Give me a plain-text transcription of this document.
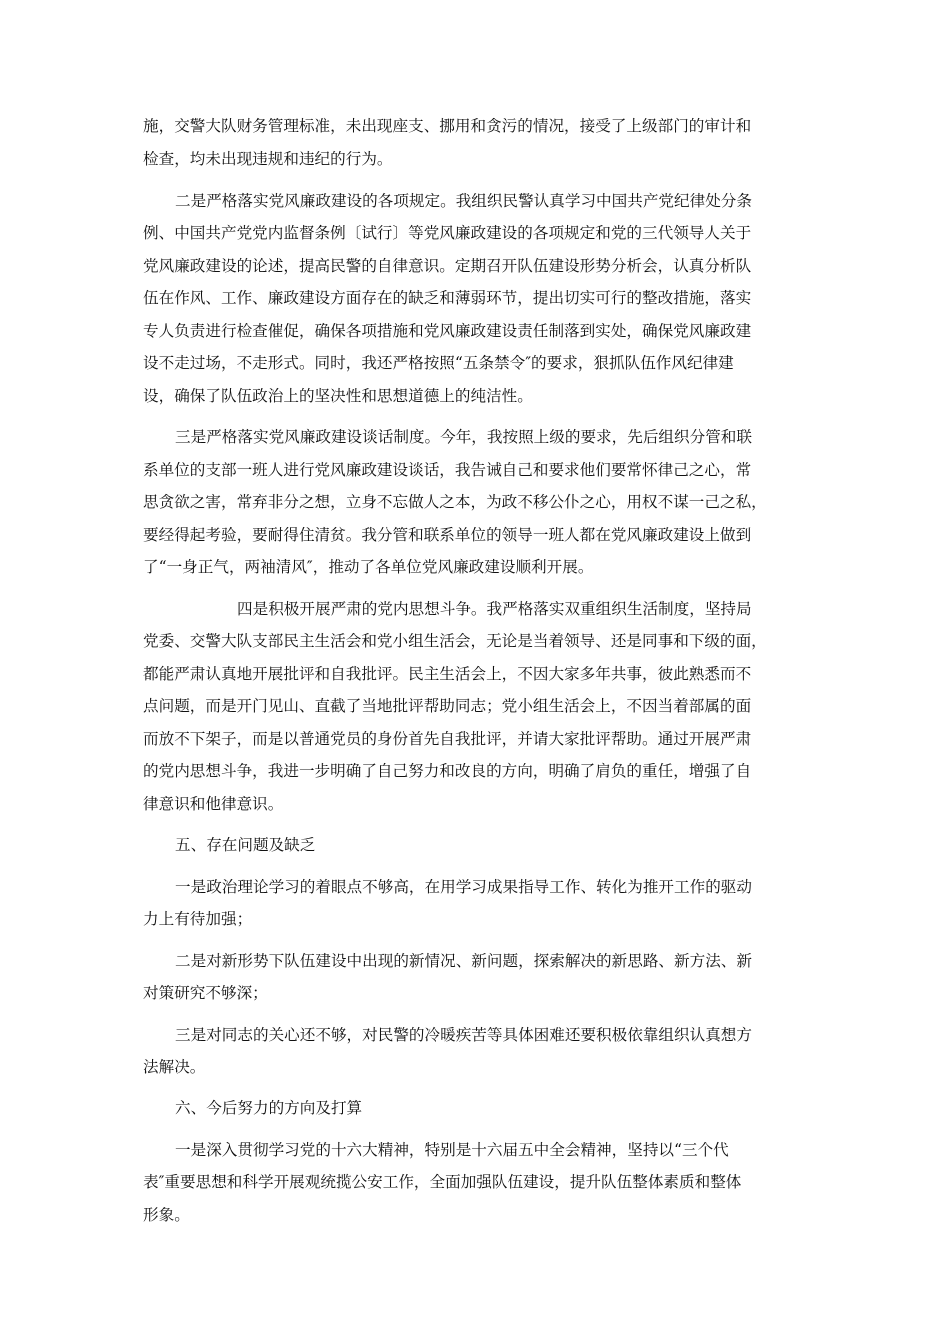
施，交警大队财务管理标准，未出现座支、挪用和贪污的情况，接受了上级部门的审计和

检查，均未出现违规和违纪的行为。

二是严格落实党风廉政建设的各项规定。我组织民警认真学习中国共产党纪律处分条

例、中国共产党党内监督条例〔试行〕等党风廉政建设的各项规定和党的三代领导人关于

党风廉政建设的论述，提高民警的自律意识。定期召开队伍建设形势分析会，认真分析队

伍在作风、工作、廉政建设方面存在的缺乏和薄弱环节，提出切实可行的整改措施，落实

专人负责进行检查催促，确保各项措施和党风廉政建设责任制落到实处，确保党风廉政建

设不走过场，不走形式。同时，我还严格按照“五条禁令″的要求，狠抓队伍作风纪律建

设，确保了队伍政治上的坚决性和思想道德上的纯洁性。

三是严格落实党风廉政建设谈话制度。今年，我按照上级的要求，先后组织分管和联

系单位的支部一班人进行党风廉政建设谈话，我告诫自己和要求他们要常怀律己之心，常

思贪欲之害，常弃非分之想，立身不忘做人之本，为政不移公仆之心，用权不谋一己之私，

要经得起考验，要耐得住清贫。我分管和联系单位的领导一班人都在党风廉政建设上做到

了“一身正气，两袖清风″，推动了各单位党风廉政建设顺利开展。

四是积极开展严肃的党内思想斗争。我严格落实双重组织生活制度，坚持局

党委、交警大队支部民主生活会和党小组生活会，无论是当着领导、还是同事和下级的面，

都能严肃认真地开展批评和自我批评。民主生活会上，不因大家多年共事，彼此熟悉而不

点问题，而是开门见山、直截了当地批评帮助同志；党小组生活会上，不因当着部属的面

而放不下架子，而是以普通党员的身份首先自我批评，并请大家批评帮助。通过开展严肃

的党内思想斗争，我进一步明确了自己努力和改良的方向，明确了肩负的重任，增强了自

律意识和他律意识。

五、存在问题及缺乏

一是政治理论学习的着眼点不够高，在用学习成果指导工作、转化为推开工作的驱动

力上有待加强；

二是对新形势下队伍建设中出现的新情况、新问题，探索解决的新思路、新方法、新

对策研究不够深；

三是对同志的关心还不够，对民警的冷暖疾苦等具体困难还要积极依靠组织认真想方

法解决。

六、今后努力的方向及打算

一是深入贯彻学习党的十六大精神，特别是十六届五中全会精神，坚持以“三个代

表″重要思想和科学开展观统揽公安工作，全面加强队伍建设，提升队伍整体素质和整体

形象。
